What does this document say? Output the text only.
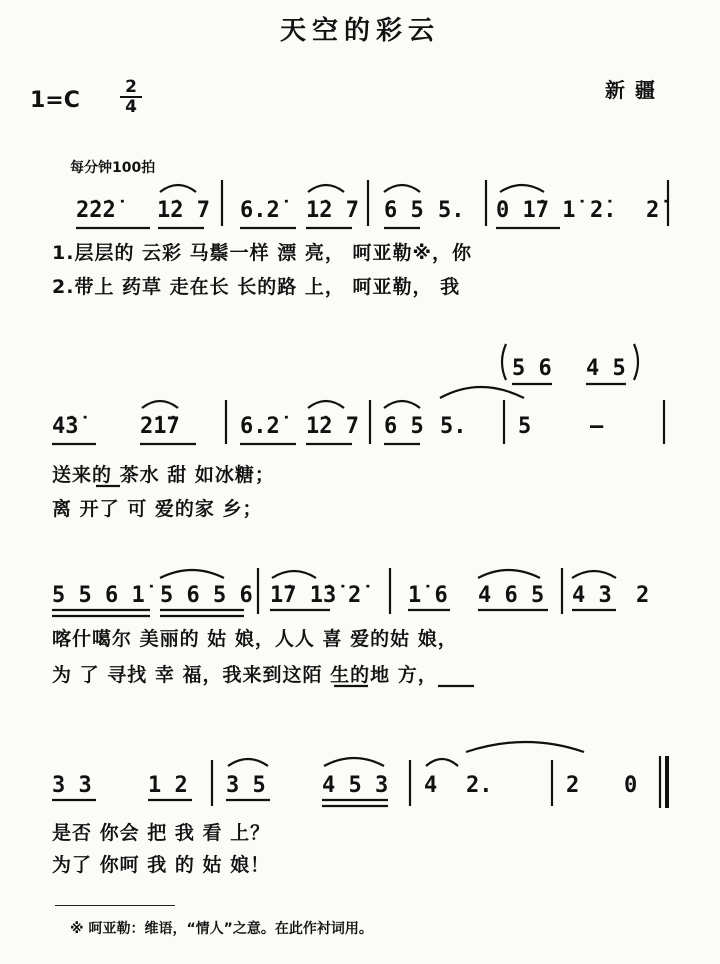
天空的彩云
1=C
2
4
新疆
每分钟100拍
2̇2̇2̇ 1̇2 7 6.2̇ 1̇2 7 6 5 5. 0 1̇7 1̇ 2̇. 2̇
1.层层的 云彩 马鬃一样 漂 亮， 呵亚勒※，你
2.带上 药草 走在长 长的路 上， 呵亚勒， 我
5 6 4 5
4̇3̇	2̇1̇7	6.2̇ 1̇2 7 6 5 5. 5	—
送来的 茶水 甜 如冰糖；
离 开了 可 爱的家 乡；
5 5 6 1̇ 5 6 5 6 1̇7 1̇3̇ 2̇ 1̇ 6 4 6 5 4 3 2
喀什噶尔 美丽的 姑 娘，人人 喜 爱的姑 娘，
为 了 寻找 幸 福，我来到这陌 生的地 方，
3 3	1 2 3 5	4 5 3 4 2.	2 0
是否 你会 把 我 看 上？
为了 你呵 我 的 姑 娘！
※ 呵亚勒：维语，“情人”之意。在此作衬词用。
